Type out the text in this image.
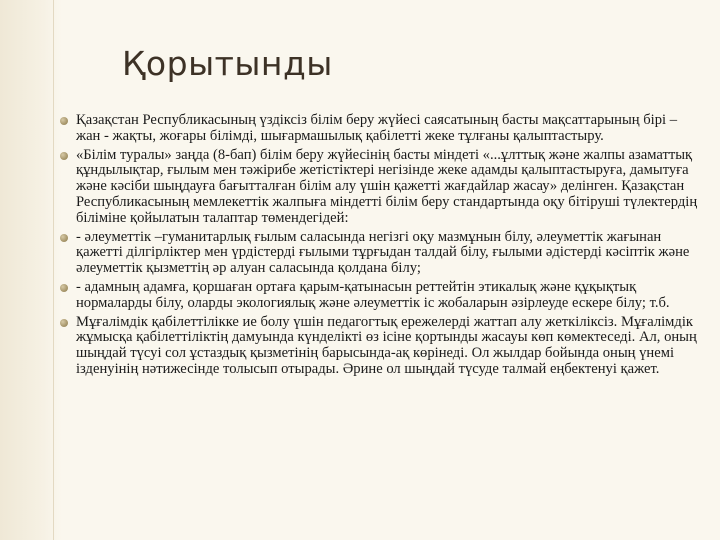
Қорытынды
Қазақстан Республикасының үздіксіз білім беру жүйесі саясатының басты мақсаттарының бірі – жан - жақты, жоғары білімді, шығармашылық қабілетті жеке тұлғаны қалыптастыру.
«Білім туралы» заңда (8-бап) білім беру жүйесінің басты міндеті «...ұлттық және жалпы азаматтық құндылықтар, ғылым мен тәжірибе жетістіктері негізінде жеке адамды қалыптастыруға, дамытуға және кәсіби шыңдауға бағытталған білім алу үшін қажетті жағдайлар жасау» делінген. Қазақстан Республикасының мемлекеттік жалпыға міндетті білім беру стандартында оқу бітіруші түлектердің біліміне қойылатын талаптар төмендегідей:
- әлеуметтік –гуманитарлық ғылым саласында негізгі оқу мазмұнын білу, әлеуметтік жағынан қажетті ділгірліктер мен үрдістерді ғылыми тұрғыдан талдай білу, ғылыми әдістерді кәсіптік және әлеуметтік қызметтің әр алуан саласында қолдана білу;
- адамның адамға, қоршаған ортаға қарым-қатынасын реттейтін этикалық және құқықтық нормаларды білу, оларды экологиялық және әлеуметтік іс жобаларын әзірлеуде ескере білу; т.б.
Мұғалімдік қабілеттілікке ие болу үшін педагогтық ережелерді жаттап алу жеткіліксіз. Мұғалімдік жұмысқа қабілеттіліктің дамуында күнделікті өз ісіне қортынды жасауы көп көмектеседі. Ал, оның шыңдай түсуі сол ұстаздық қызметінің барысында-ақ көрінеді. Ол жылдар бойында оның үнемі ізденуінің нәтижесінде толысып отырады. Әрине ол шыңдай түсуде талмай еңбектенуі қажет.
